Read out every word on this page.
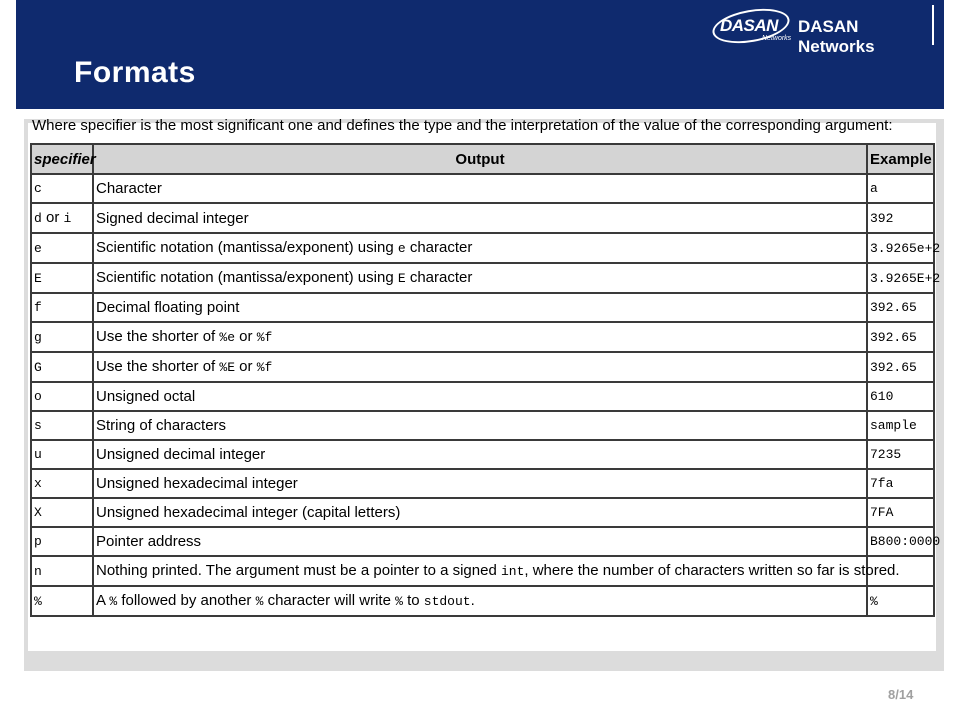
Formats
DASAN
Networks
DASAN Networks
Where specifier is the most significant one and defines the type and the interpretation of the value of the corresponding argument:
specifier	Output	Example
c	Character	a
d or i	Signed decimal integer	392
e	Scientific notation (mantissa/exponent) using e character	3.9265e+2
E	Scientific notation (mantissa/exponent) using E character	3.9265E+2
f	Decimal floating point	392.65
g	Use the shorter of %e or %f	392.65
G	Use the shorter of %E or %f	392.65
o	Unsigned octal	610
s	String of characters	sample
u	Unsigned decimal integer	7235
x	Unsigned hexadecimal integer	7fa
X	Unsigned hexadecimal integer (capital letters)	7FA
p	Pointer address	B800:0000
n	Nothing printed. The argument must be a pointer to a signed int, where the number of characters written so far is stored.	
%	A % followed by another % character will write % to stdout.	%
8/14
